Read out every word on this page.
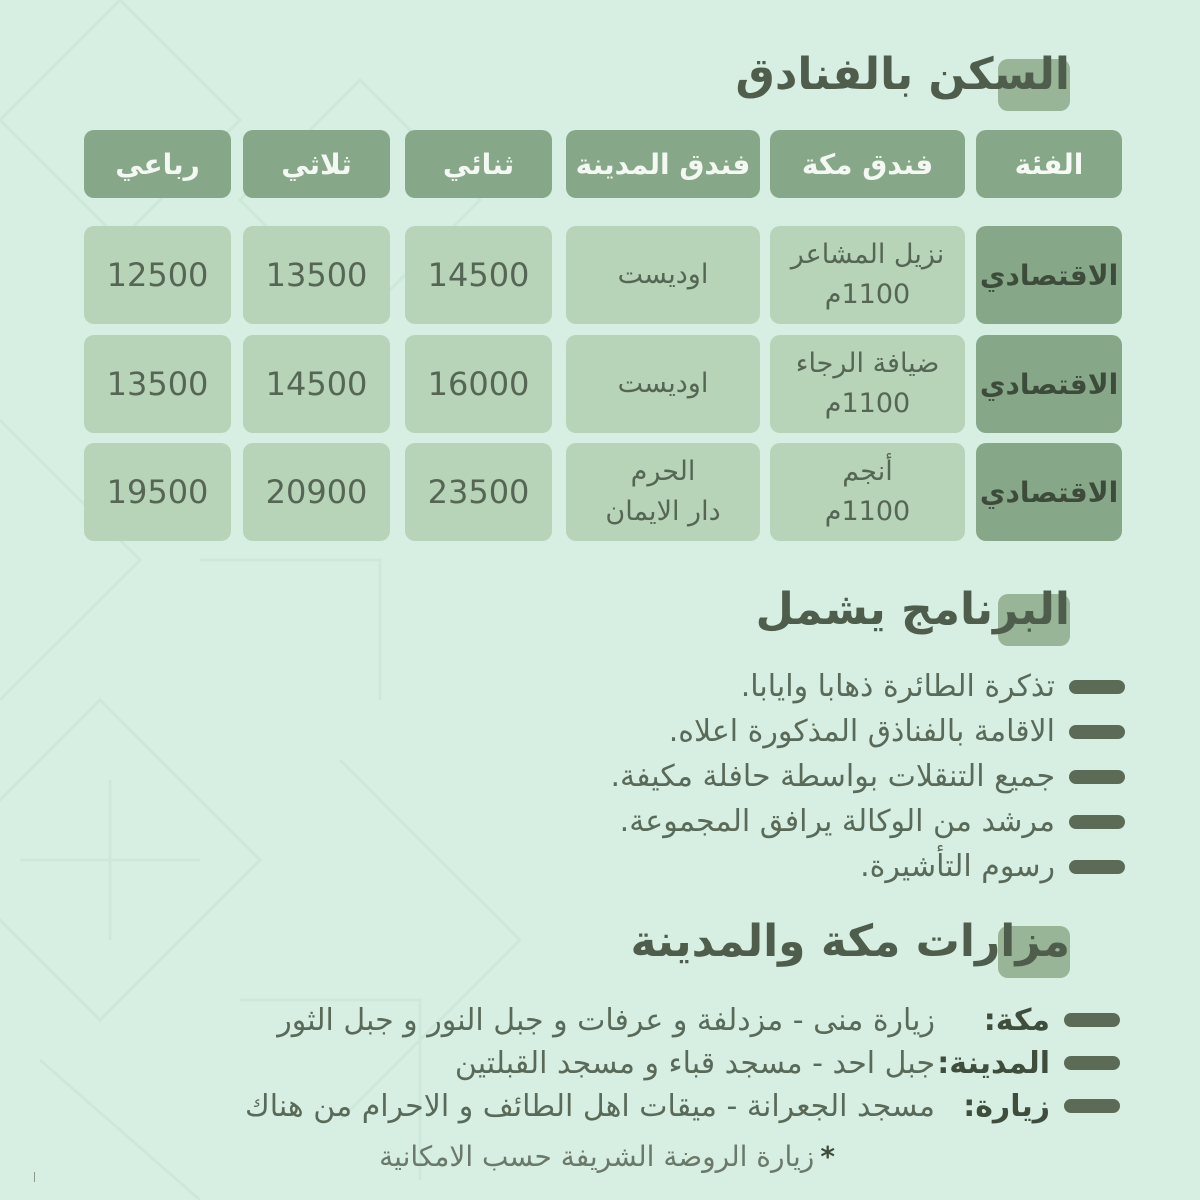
السكن بالفنادق
الفئة
فندق مكة
فندق المدينة
ثنائي
ثلاثي
رباعي
الاقتصادي
نزيل المشاعر
1100م
اوديست
14500
13500
12500
الاقتصادي
ضيافة الرجاء
1100م
اوديست
16000
14500
13500
الاقتصادي
أنجم
1100م
الحرم
دار الايمان
23500
20900
19500
البرنامج يشمل
تذكرة الطائرة ذهابا وايابا.
الاقامة بالفناذق المذكورة اعلاه.
جميع التنقلات بواسطة حافلة مكيفة.
مرشد من الوكالة يرافق المجموعة.
رسوم التأشيرة.
مزارات مكة والمدينة
مكة:
زيارة منى - مزدلفة و عرفات و جبل النور و جبل الثور
المدينة:
جبل احد - مسجد قباء و مسجد القبلتين
زيارة:
مسجد الجعرانة - ميقات اهل الطائف و الاحرام من هناك
*زيارة الروضة الشريفة حسب الامكانية
